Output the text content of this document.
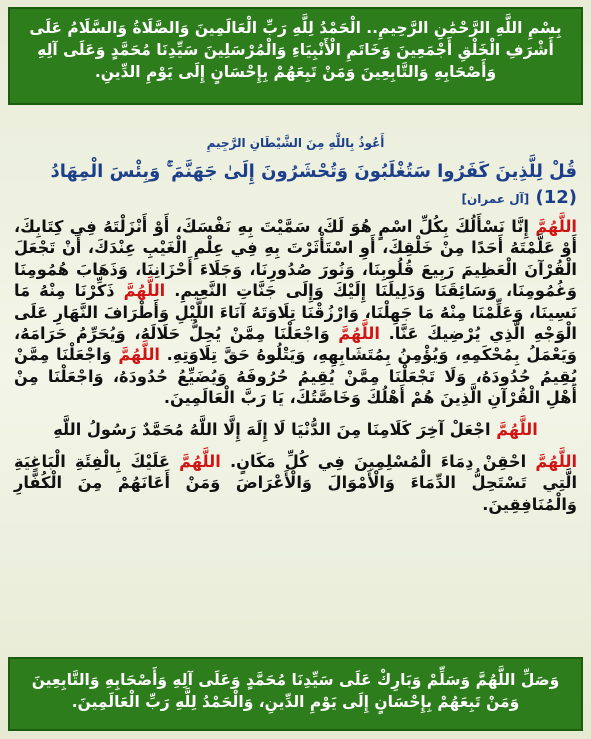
بِسْمِ اللَّهِ الرَّحْمَٰنِ الرَّحِيمِ.. الْحَمْدُ لِلَّهِ رَبِّ الْعَالَمِينَ وَالصَّلَاةُ وَالسَّلَامُ عَلَى أَشْرَفِ الْخَلْقِ أَجْمَعِينَ وَخَاتَمِ الْأَنْبِيَاءِ وَالْمُرْسَلِينَ سَيِّدِنَا مُحَمَّدٍ وَعَلَى آلِهِ وَأَصْحَابِهِ وَالتَّابِعِينَ وَمَنْ تَبِعَهُمْ بِإِحْسَانٍ إِلَى يَوْمِ الدِّينِ.
أَعُوذُ بِاللَّهِ مِنَ الشَّيْطَانِ الرَّجِيمِ
قُلْ لِلَّذِينَ كَفَرُوا سَتُغْلَبُونَ وَتُحْشَرُونَ إِلَىٰ جَهَنَّمَ ۚ وَبِئْسَ الْمِهَادُ (12) [آل عمران]
اللَّهُمَّ إِنَّا نَسْأَلُكَ بِكُلِّ اسْمٍ هُوَ لَكَ، سَمَّيْتَ بِهِ نَفْسَكَ، أَوْ أَنْزَلْتَهُ فِي كِتَابِكَ، أَوْ عَلَّمْتَهُ أَحَدًا مِنْ خَلْقِكَ، أَوِ اسْتَأْثَرْتَ بِهِ فِي عِلْمِ الْغَيْبِ عِنْدَكَ، أَنْ تَجْعَلَ الْقُرْآنَ الْعَظِيمَ رَبِيعَ قُلُوبِنَا، وَنُورَ صُدُورِنَا، وَجَلَاءَ أَحْزَانِنَا، وَذَهَابَ هُمُومِنَا وَغُمُومِنَا، وَسَائِقَنَا وَدَلِيلَنَا إِلَيْكَ وَإِلَى جَنَّاتِ النَّعِيمِ. اللَّهُمَّ ذَكِّرْنَا مِنْهُ مَا نَسِينَا، وَعَلِّمْنَا مِنْهُ مَا جَهِلْنَا، وَارْزُقْنَا تِلَاوَتَهُ آنَاءَ اللَّيْلِ وَأَطْرَافَ النَّهَارِ عَلَى الْوَجْهِ الَّذِي يُرْضِيكَ عَنَّا. اللَّهُمَّ وَاجْعَلْنَا مِمَّنْ يُحِلُّ حَلَالَهُ، وَيُحَرِّمُ حَرَامَهُ، وَيَعْمَلُ بِمُحْكَمِهِ، وَيُؤْمِنُ بِمُتَشَابِهِهِ، وَيَتْلُوهُ حَقَّ تِلَاوَتِهِ. اللَّهُمَّ وَاجْعَلْنَا مِمَّنْ يُقِيمُ حُدُودَهُ، وَلَا تَجْعَلْنَا مِمَّنْ يُقِيمُ حُرُوفَهُ وَيُضَيِّعُ حُدُودَهُ، وَاجْعَلْنَا مِنْ أَهْلِ الْقُرْآنِ الَّذِينَ هُمْ أَهْلُكَ وَخَاصَّتُكَ، يَا رَبَّ الْعَالَمِينَ.
اللَّهُمَّ اجْعَلْ آخِرَ كَلَامِنَا مِنَ الدُّنْيَا لَا إِلَهَ إِلَّا اللَّهُ مُحَمَّدٌ رَسُولُ اللَّهِ
اللَّهُمَّ احْقِنْ دِمَاءَ الْمُسْلِمِينَ فِي كُلِّ مَكَانٍ. اللَّهُمَّ عَلَيْكَ بِالْفِئَةِ الْبَاغِيَةِ الَّتِي تَسْتَحِلُّ الدِّمَاءَ وَالْأَمْوَالَ وَالْأَعْرَاضَ وَمَنْ أَعَانَهُمْ مِنَ الْكُفَّارِ وَالْمُنَافِقِينَ.
وَصَلِّ اللَّهُمَّ وَسَلِّمْ وَبَارِكْ عَلَى سَيِّدِنَا مُحَمَّدٍ وَعَلَى آلِهِ وَأَصْحَابِهِ وَالتَّابِعِينَ وَمَنْ تَبِعَهُمْ بِإِحْسَانٍ إِلَى يَوْمِ الدِّينِ، وَالْحَمْدُ لِلَّهِ رَبِّ الْعَالَمِينَ.
